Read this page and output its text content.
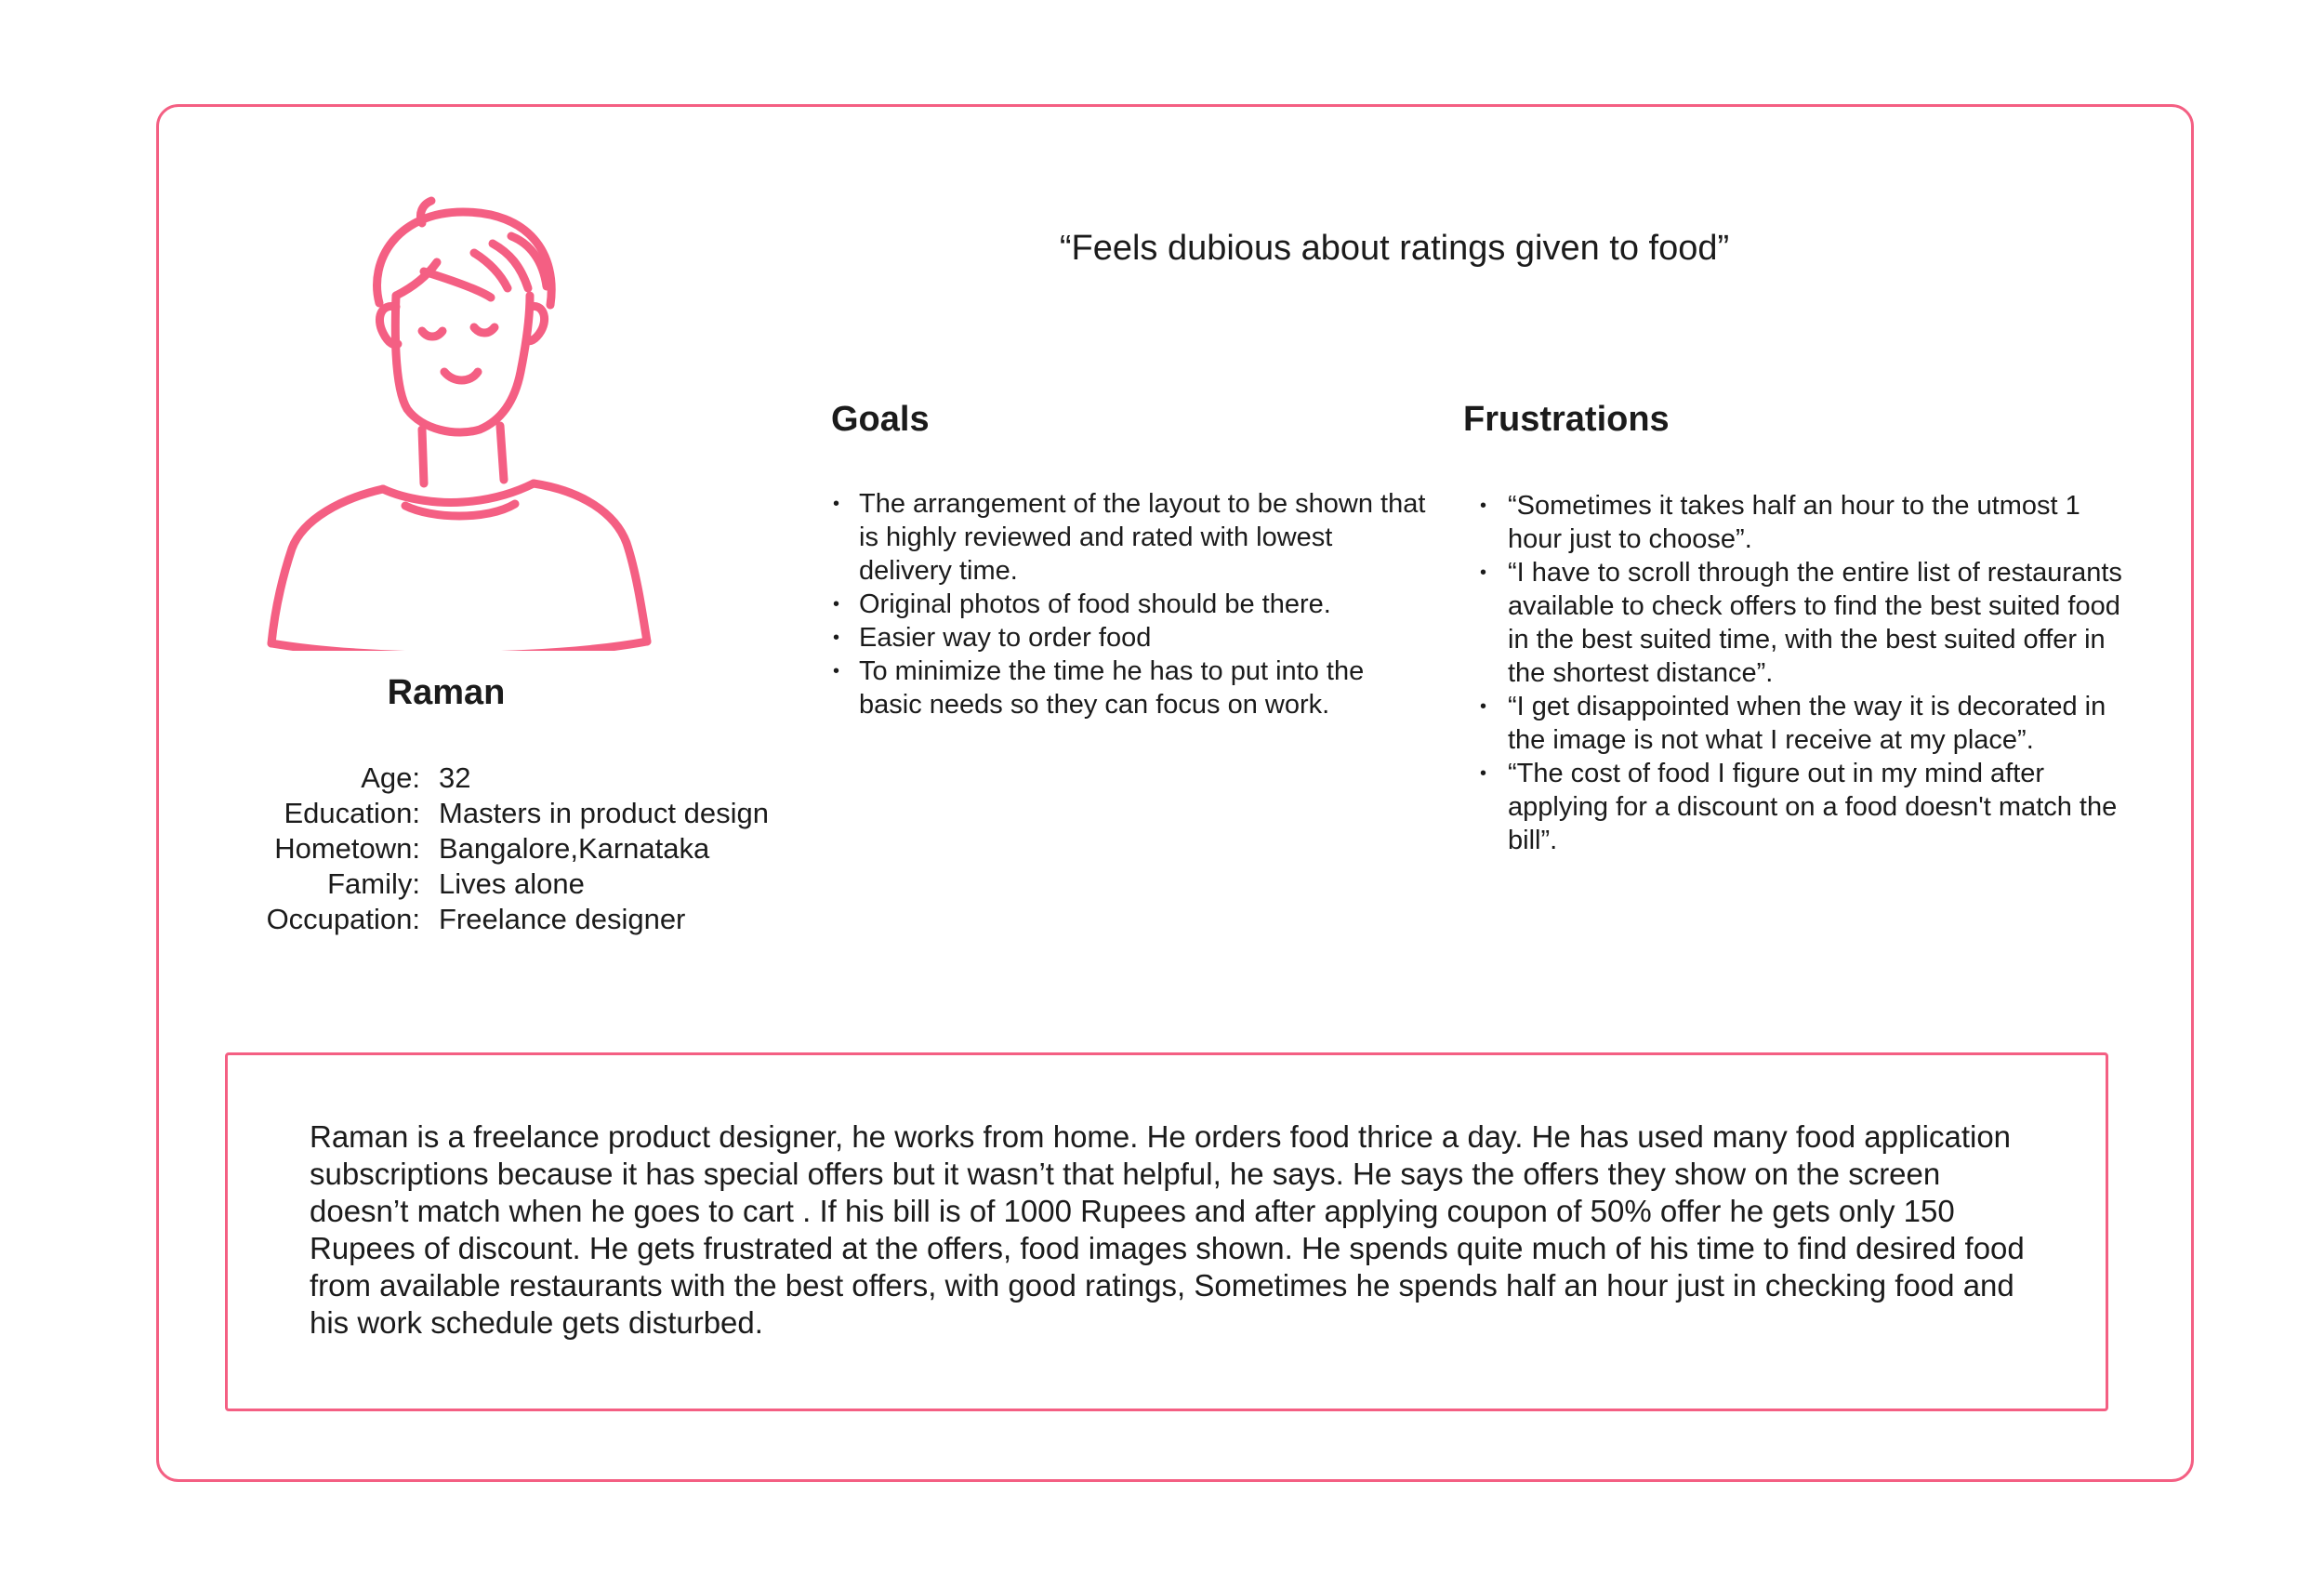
Raman
Age: 32
Education: Masters in product design
Hometown: Bangalore,Karnataka
Family: Lives alone
Occupation: Freelance designer

“Feels dubious about ratings given to food”

Goals
• The arrangement of the layout to be shown that is highly reviewed and rated with lowest delivery time.
• Original photos of food should be there.
• Easier way to order food
• To minimize the time he has to put into the basic needs so they can focus on work.
Frustrations
• “Sometimes it takes half an hour to the utmost 1 hour just to choose”.
• “I have to scroll through the entire list of restaurants available to check offers to find the best suited food in the best suited time, with the best suited offer in the shortest distance”.
• “I get disappointed when the way it is decorated in the image is not what I receive at my place”.
• “The cost of food I figure out in my mind after applying for a discount on a food doesn't match the bill”.

Raman is a freelance product designer, he works from home. He orders food thrice a day. He has used many food application subscriptions because it has special offers but it wasn’t that helpful, he says. He says the offers they show on the screen doesn’t match when he goes to cart . If his bill is of 1000 Rupees and after applying coupon of 50% offer he gets only 150 Rupees of discount. He gets frustrated at the offers, food images shown. He spends quite much of his time to find desired food from available restaurants with the best offers, with good ratings, Sometimes he spends half an hour just in checking food and his work schedule gets disturbed.
